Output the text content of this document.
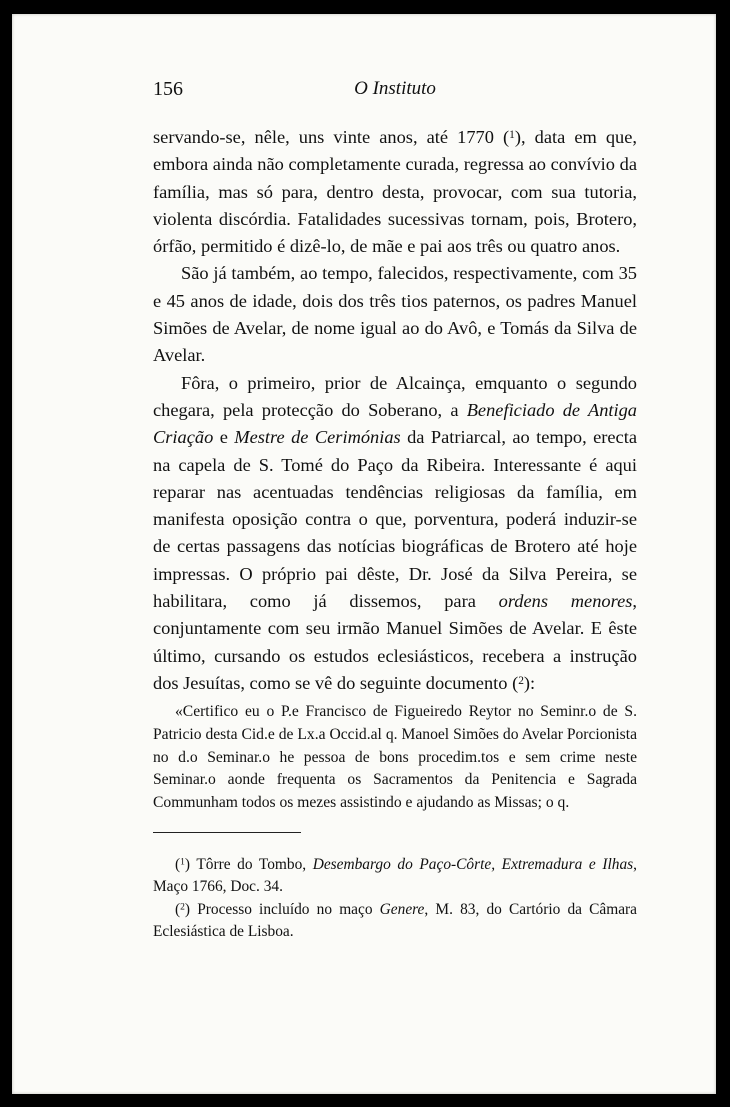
156	O Instituto

servando-se, nêle, uns vinte anos, até 1770 ($^1$), data em que, embora ainda não completamente curada, regressa ao convívio da família, mas só para, dentro desta, provocar, com sua tutoria, violenta discórdia. Fatalidades sucessivas tornam, pois, Brotero, órfão, permitido é dizê-lo, de mãe e pai aos três ou quatro anos.

São já também, ao tempo, falecidos, respectivamente, com 35 e 45 anos de idade, dois dos três tios paternos, os padres Manuel Simões de Avelar, de nome igual ao do Avô, e Tomás da Silva de Avelar.

Fôra, o primeiro, prior de Alcainça, emquanto o segundo chegara, pela protecção do Soberano, a Beneficiado de Antiga Criação e Mestre de Cerimónias da Patriarcal, ao tempo, erecta na capela de S. Tomé do Paço da Ribeira. Interessante é aqui reparar nas acentuadas tendências religiosas da família, em manifesta oposição contra o que, porventura, poderá induzir-se de certas passagens das notícias biográficas de Brotero até hoje impressas. O próprio pai dêste, Dr. José da Silva Pereira, se habilitara, como já dissemos, para ordens menores, conjuntamente com seu irmão Manuel Simões de Avelar. E êste último, cursando os estudos eclesiásticos, recebera a instrução dos Jesuítas, como se vê do seguinte documento ($^2$):

«Certifico eu o P.e Francisco de Figueiredo Reytor no Seminr.o de S. Patricio desta Cid.e de Lx.a Occid.al q. Manoel Simões do Avelar Porcionista no d.o Seminar.o he pessoa de bons procedim.tos e sem crime neste Seminar.o aonde frequenta os Sacramentos da Penitencia e Sagrada Communham todos os mezes assistindo e ajudando as Missas; o q.

($^1$) Tôrre do Tombo, Desembargo do Paço-Côrte, Extremadura e Ilhas, Maço 1766, Doc. 34.

($^2$) Processo incluído no maço Genere, M. 83, do Cartório da Câmara Eclesiástica de Lisboa.
